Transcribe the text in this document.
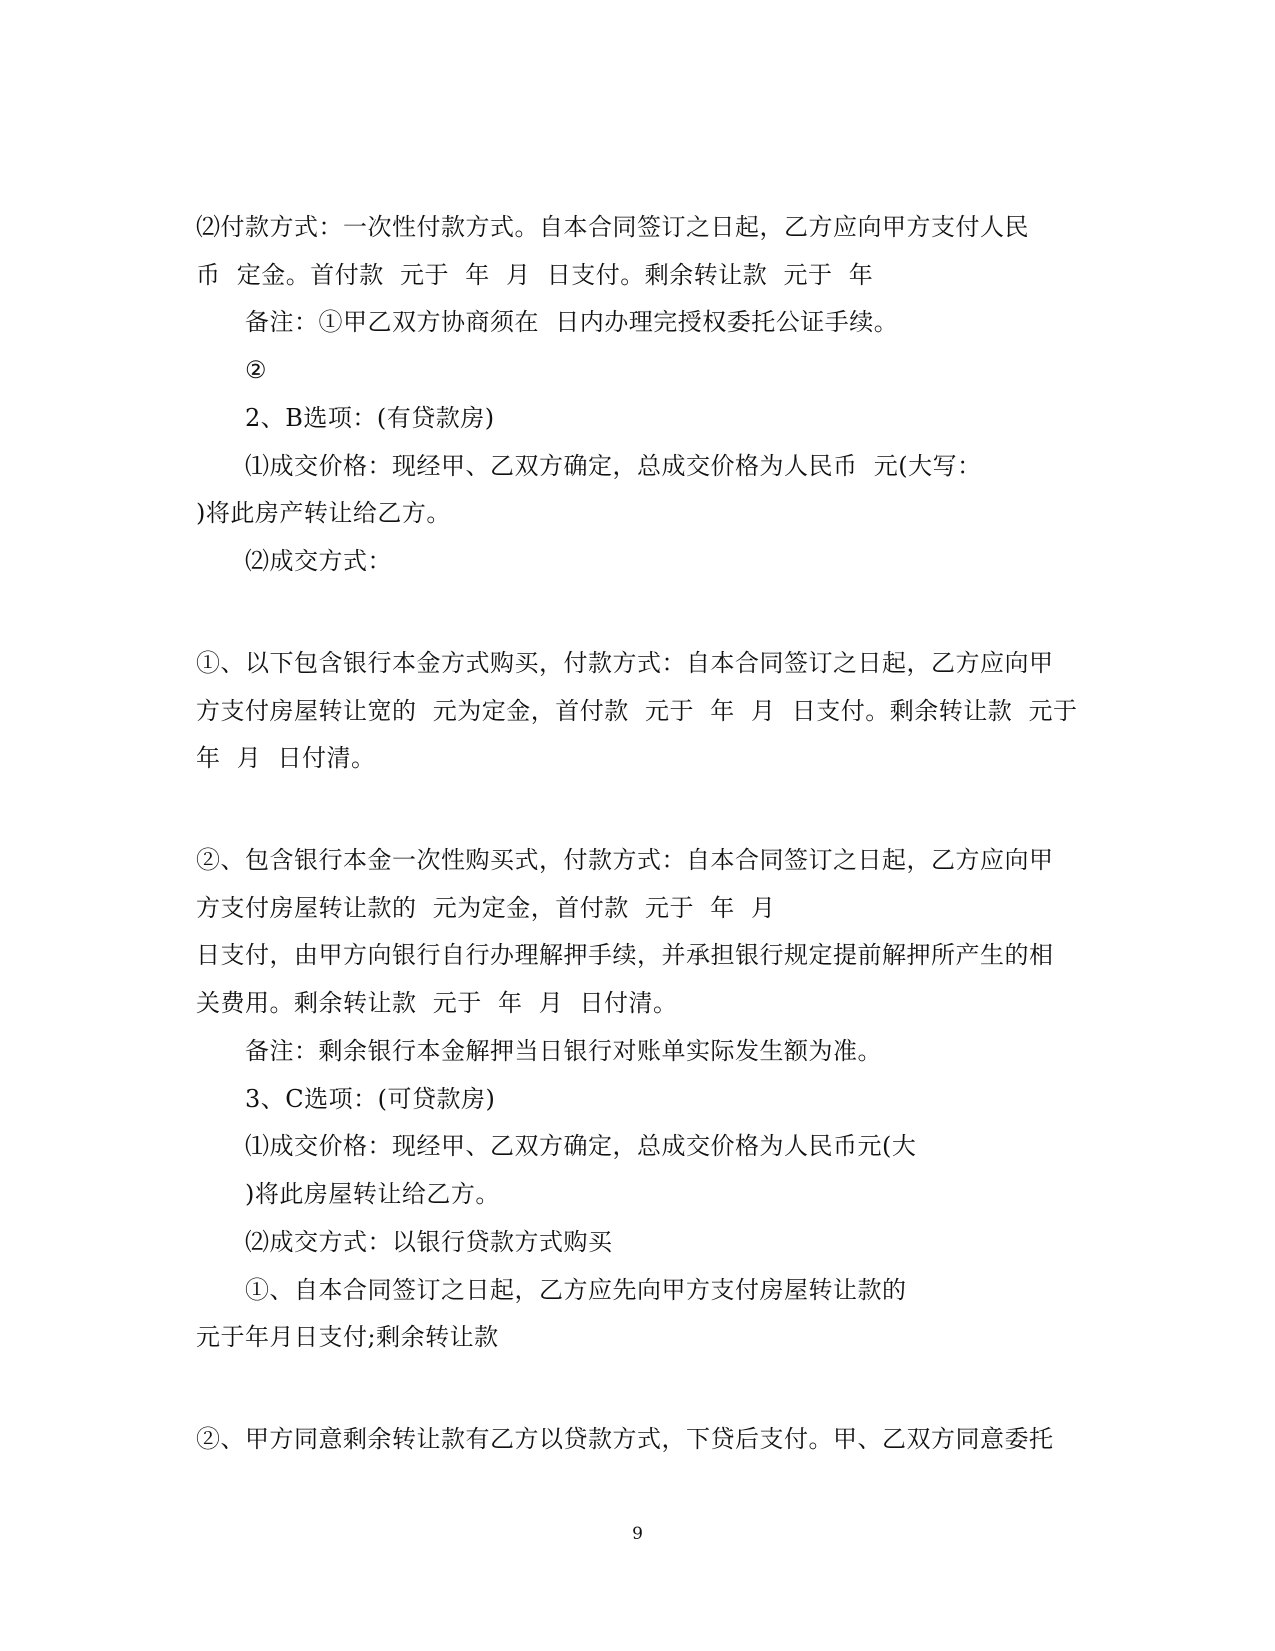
⑵付款方式：一次性付款方式。自本合同签订之日起，乙方应向甲方支付人民
币  定金。首付款  元于  年  月  日支付。剩余转让款  元于  年
备注：①甲乙双方协商须在  日内办理完授权委托公证手续。
②
2、B选项：(有贷款房)
⑴成交价格：现经甲、乙双方确定，总成交价格为人民币  元(大写：
)将此房产转让给乙方。
⑵成交方式：
①、以下包含银行本金方式购买，付款方式：自本合同签订之日起，乙方应向甲
方支付房屋转让宽的  元为定金，首付款  元于  年  月  日支付。剩余转让款  元于
年  月  日付清。
②、包含银行本金一次性购买式，付款方式：自本合同签订之日起，乙方应向甲
方支付房屋转让款的  元为定金，首付款  元于  年  月
日支付，由甲方向银行自行办理解押手续，并承担银行规定提前解押所产生的相
关费用。剩余转让款  元于  年  月  日付清。
备注：剩余银行本金解押当日银行对账单实际发生额为准。
3、C选项：(可贷款房)
⑴成交价格：现经甲、乙双方确定，总成交价格为人民币元(大
)将此房屋转让给乙方。
⑵成交方式：以银行贷款方式购买
①、自本合同签订之日起，乙方应先向甲方支付房屋转让款的
元于年月日支付;剩余转让款
②、甲方同意剩余转让款有乙方以贷款方式，下贷后支付。甲、乙双方同意委托
9
